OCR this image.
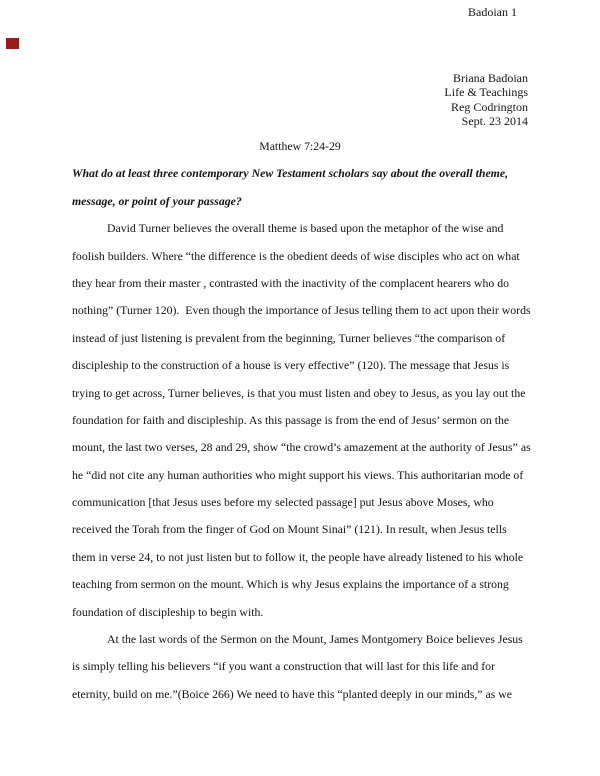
Badoian 1
Briana Badoian
Life & Teachings
Reg Codrington
Sept. 23 2014
Matthew 7:24-29
What do at least three contemporary New Testament scholars say about the overall theme,
message, or point of your passage?
David Turner believes the overall theme is based upon the metaphor of the wise and
foolish builders. Where “the difference is the obedient deeds of wise disciples who act on what
they hear from their master , contrasted with the inactivity of the complacent hearers who do
nothing” (Turner 120).  Even though the importance of Jesus telling them to act upon their words
instead of just listening is prevalent from the beginning, Turner believes “the comparison of
discipleship to the construction of a house is very effective” (120). The message that Jesus is
trying to get across, Turner believes, is that you must listen and obey to Jesus, as you lay out the
foundation for faith and discipleship. As this passage is from the end of Jesus’ sermon on the
mount, the last two verses, 28 and 29, show “the crowd’s amazement at the authority of Jesus” as
he “did not cite any human authorities who might support his views. This authoritarian mode of
communication [that Jesus uses before my selected passage] put Jesus above Moses, who
received the Torah from the finger of God on Mount Sinai” (121). In result, when Jesus tells
them in verse 24, to not just listen but to follow it, the people have already listened to his whole
teaching from sermon on the mount. Which is why Jesus explains the importance of a strong
foundation of discipleship to begin with.
At the last words of the Sermon on the Mount, James Montgomery Boice believes Jesus
is simply telling his believers “if you want a construction that will last for this life and for
eternity, build on me.”(Boice 266) We need to have this “planted deeply in our minds,” as we
